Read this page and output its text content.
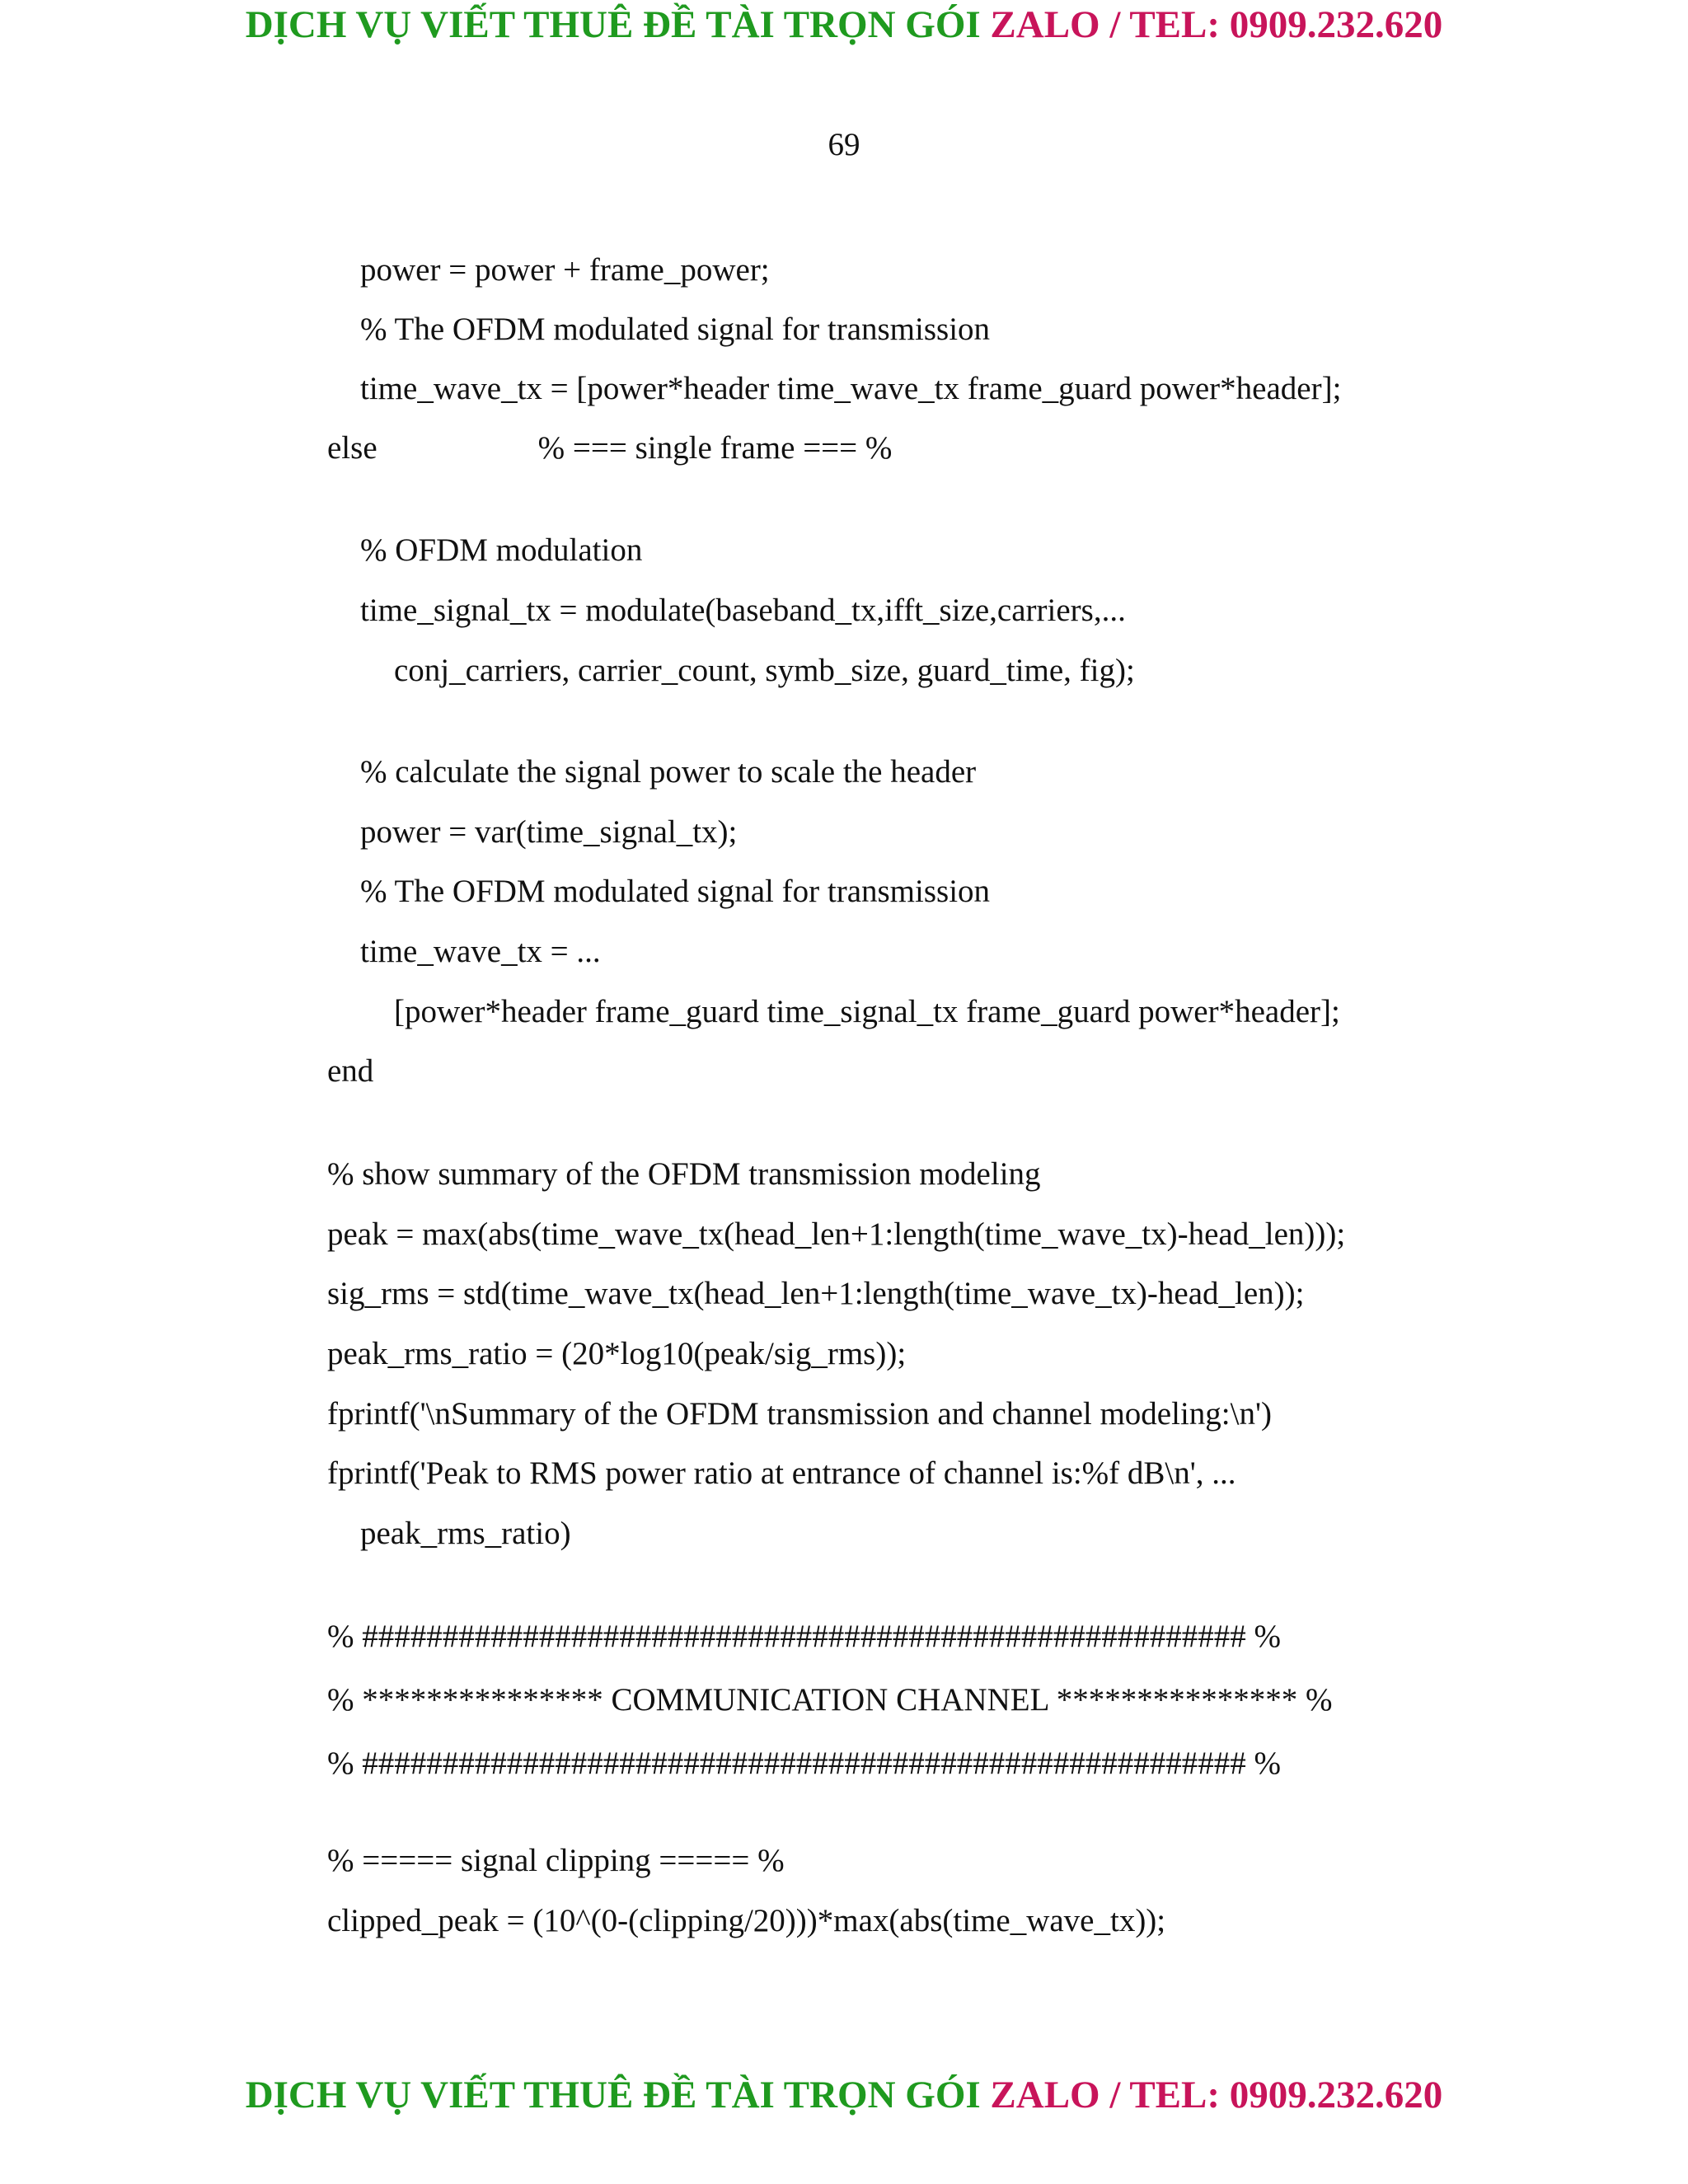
DỊCH VỤ VIẾT THUÊ ĐỀ TÀI TRỌN GÓI ZALO / TEL: 0909.232.620
69
power = power + frame_power;
% The OFDM modulated signal for transmission
time_wave_tx = [power*header time_wave_tx frame_guard power*header];
else                    % === single frame === %
% OFDM modulation
time_signal_tx = modulate(baseband_tx,ifft_size,carriers,...
conj_carriers, carrier_count, symb_size, guard_time, fig);
% calculate the signal power to scale the header
power = var(time_signal_tx);
% The OFDM modulated signal for transmission
time_wave_tx = ...
[power*header frame_guard time_signal_tx frame_guard power*header];
end
% show summary of the OFDM transmission modeling
peak = max(abs(time_wave_tx(head_len+1:length(time_wave_tx)-head_len)));
sig_rms = std(time_wave_tx(head_len+1:length(time_wave_tx)-head_len));
peak_rms_ratio = (20*log10(peak/sig_rms));
fprintf('\nSummary of the OFDM transmission and channel modeling:\n')
fprintf('Peak to RMS power ratio at entrance of channel is:%f dB\n', ...
peak_rms_ratio)
% ####################################################### %
% *************** COMMUNICATION CHANNEL *************** %
% ####################################################### %
% ===== signal clipping ===== %
clipped_peak = (10^(0-(clipping/20)))*max(abs(time_wave_tx));
DỊCH VỤ VIẾT THUÊ ĐỀ TÀI TRỌN GÓI ZALO / TEL: 0909.232.620
